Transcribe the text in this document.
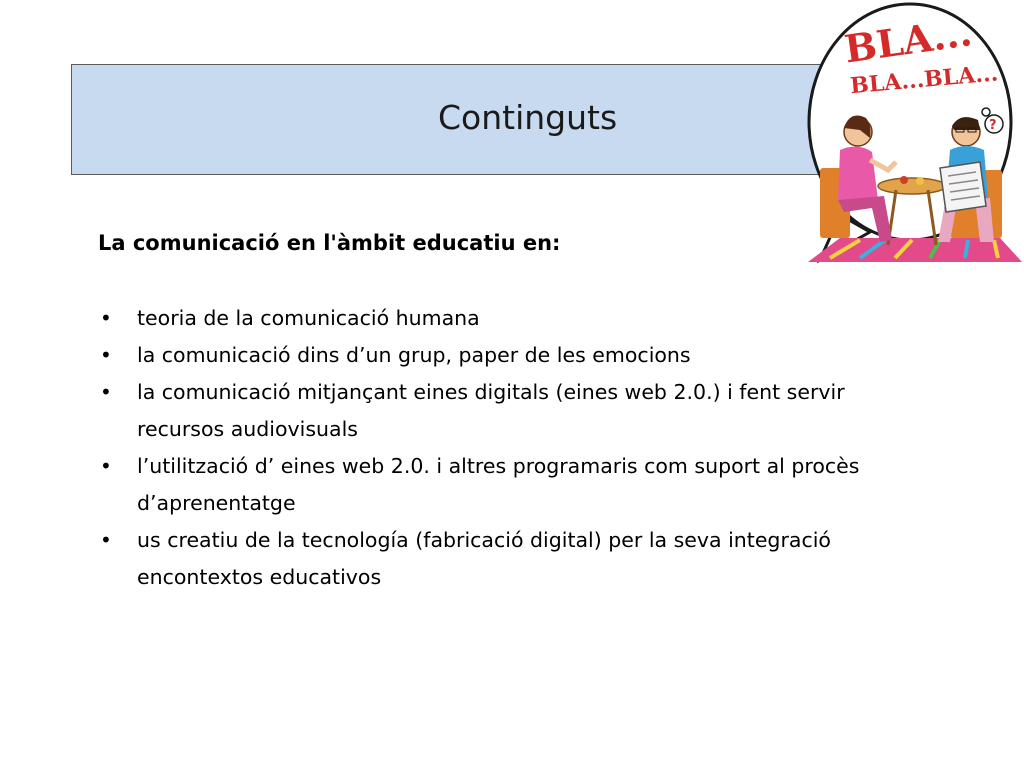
Continguts
BLA...
BLA...BLA...
?
La comunicació en l'àmbit educatiu en:
• teoria de la comunicació humana
• la comunicació dins d’un grup, paper de les emocions
• la comunicació mitjançant eines digitals (eines web 2.0.) i fent servir recursos audiovisuals
• l’utilització d’ eines web 2.0. i altres programaris com suport al procès d’aprenentatge
• us creatiu de la tecnología (fabricació digital) per la seva integració encontextos educativos
